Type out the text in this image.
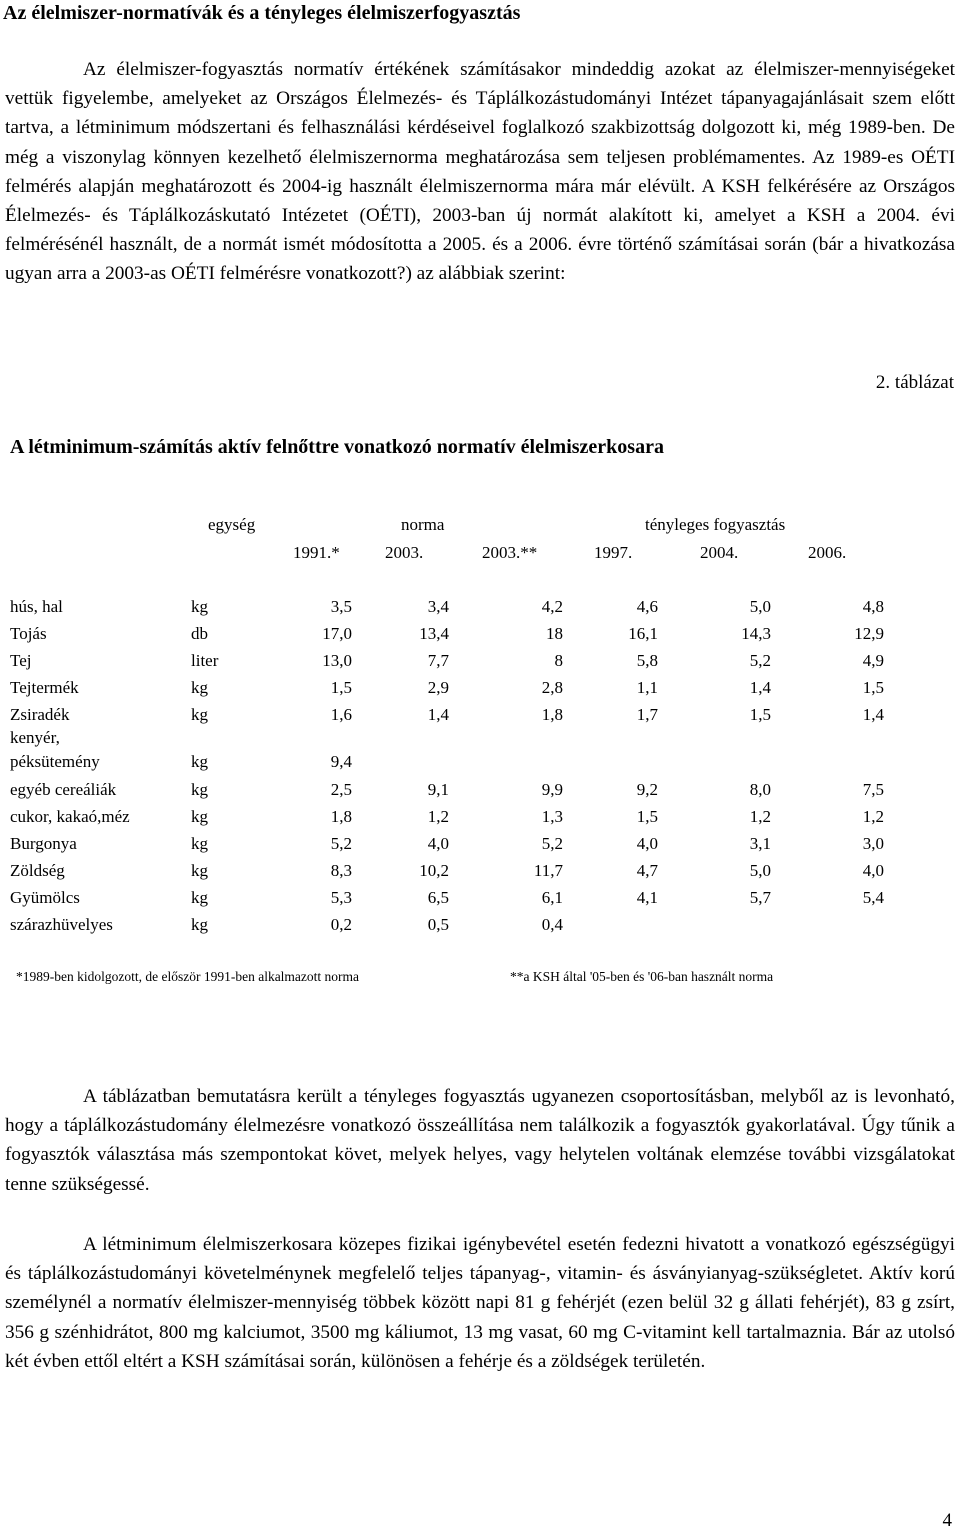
Az élelmiszer-normatívák és a tényleges élelmiszerfogyasztás

Az élelmiszer-fogyasztás normatív értékének számításakor mindeddig azokat az élelmiszer-mennyiségeket vettük figyelembe, amelyeket az Országos Élelmezés- és Táplálkozástudományi Intézet tápanyagajánlásait szem előtt tartva, a létminimum módszertani és felhasználási kérdéseivel foglalkozó szakbizottság dolgozott ki, még 1989-ben. De még a viszonylag könnyen kezelhető élelmiszernorma meghatározása sem teljesen problémamentes. Az 1989-es OÉTI felmérés alapján meghatározott és 2004-ig használt élelmiszernorma mára már elévült. A KSH felkérésére az Országos Élelmezés- és Táplálkozáskutató Intézetet (OÉTI), 2003-ban új normát alakított ki, amelyet a KSH a 2004. évi felmérésénél használt, de a normát ismét módosította a 2005. és a 2006. évre történő számításai során (bár a hivatkozása ugyan arra a 2003-as OÉTI felmérésre vonatkozott?) az alábbiak szerint:

2. táblázat
A létminimum-számítás aktív felnőttre vonatkozó normatív élelmiszerkosara
egység	norma	tényleges fogyasztás
1991.*	2003.	2003.**	1997.	2004.	2006.
hús, hal	kg	3,5	3,4	4,2	4,6	5,0	4,8
Tojás	db	17,0	13,4	18	16,1	14,3	12,9
Tej	liter	13,0	7,7	8	5,8	5,2	4,9
Tejtermék	kg	1,5	2,9	2,8	1,1	1,4	1,5
Zsiradék	kg	1,6	1,4	1,8	1,7	1,5	1,4
kenyér,
péksütemény	kg	9,4
egyéb cereáliák	kg	2,5	9,1	9,9	9,2	8,0	7,5
cukor, kakaó,méz	kg	1,8	1,2	1,3	1,5	1,2	1,2
Burgonya	kg	5,2	4,0	5,2	4,0	3,1	3,0
Zöldség	kg	8,3	10,2	11,7	4,7	5,0	4,0
Gyümölcs	kg	5,3	6,5	6,1	4,1	5,7	5,4
szárazhüvelyes	kg	0,2	0,5	0,4
*1989-ben kidolgozott, de először 1991-ben alkalmazott norma	**a KSH által '05-ben és '06-ban használt norma

A táblázatban bemutatásra került a tényleges fogyasztás ugyanezen csoportosításban, melyből az is levonható, hogy a táplálkozástudomány élelmezésre vonatkozó összeállítása nem találkozik a fogyasztók gyakorlatával. Úgy tűnik a fogyasztók választása más szempontokat követ, melyek helyes, vagy helytelen voltának elemzése további vizsgálatokat tenne szükségessé.

A létminimum élelmiszerkosara közepes fizikai igénybevétel esetén fedezni hivatott a vonatkozó egészségügyi és táplálkozástudományi követelménynek megfelelő teljes tápanyag-, vitamin- és ásványianyag-szükségletet. Aktív korú személynél a normatív élelmiszer-mennyiség többek között napi 81 g fehérjét (ezen belül 32 g állati fehérjét), 83 g zsírt, 356 g szénhidrátot, 800 mg kalciumot, 3500 mg káliumot, 13 mg vasat, 60 mg C-vitamint kell tartalmaznia. Bár az utolsó két évben ettől eltért a KSH számításai során, különösen a fehérje és a zöldségek területén.

4
